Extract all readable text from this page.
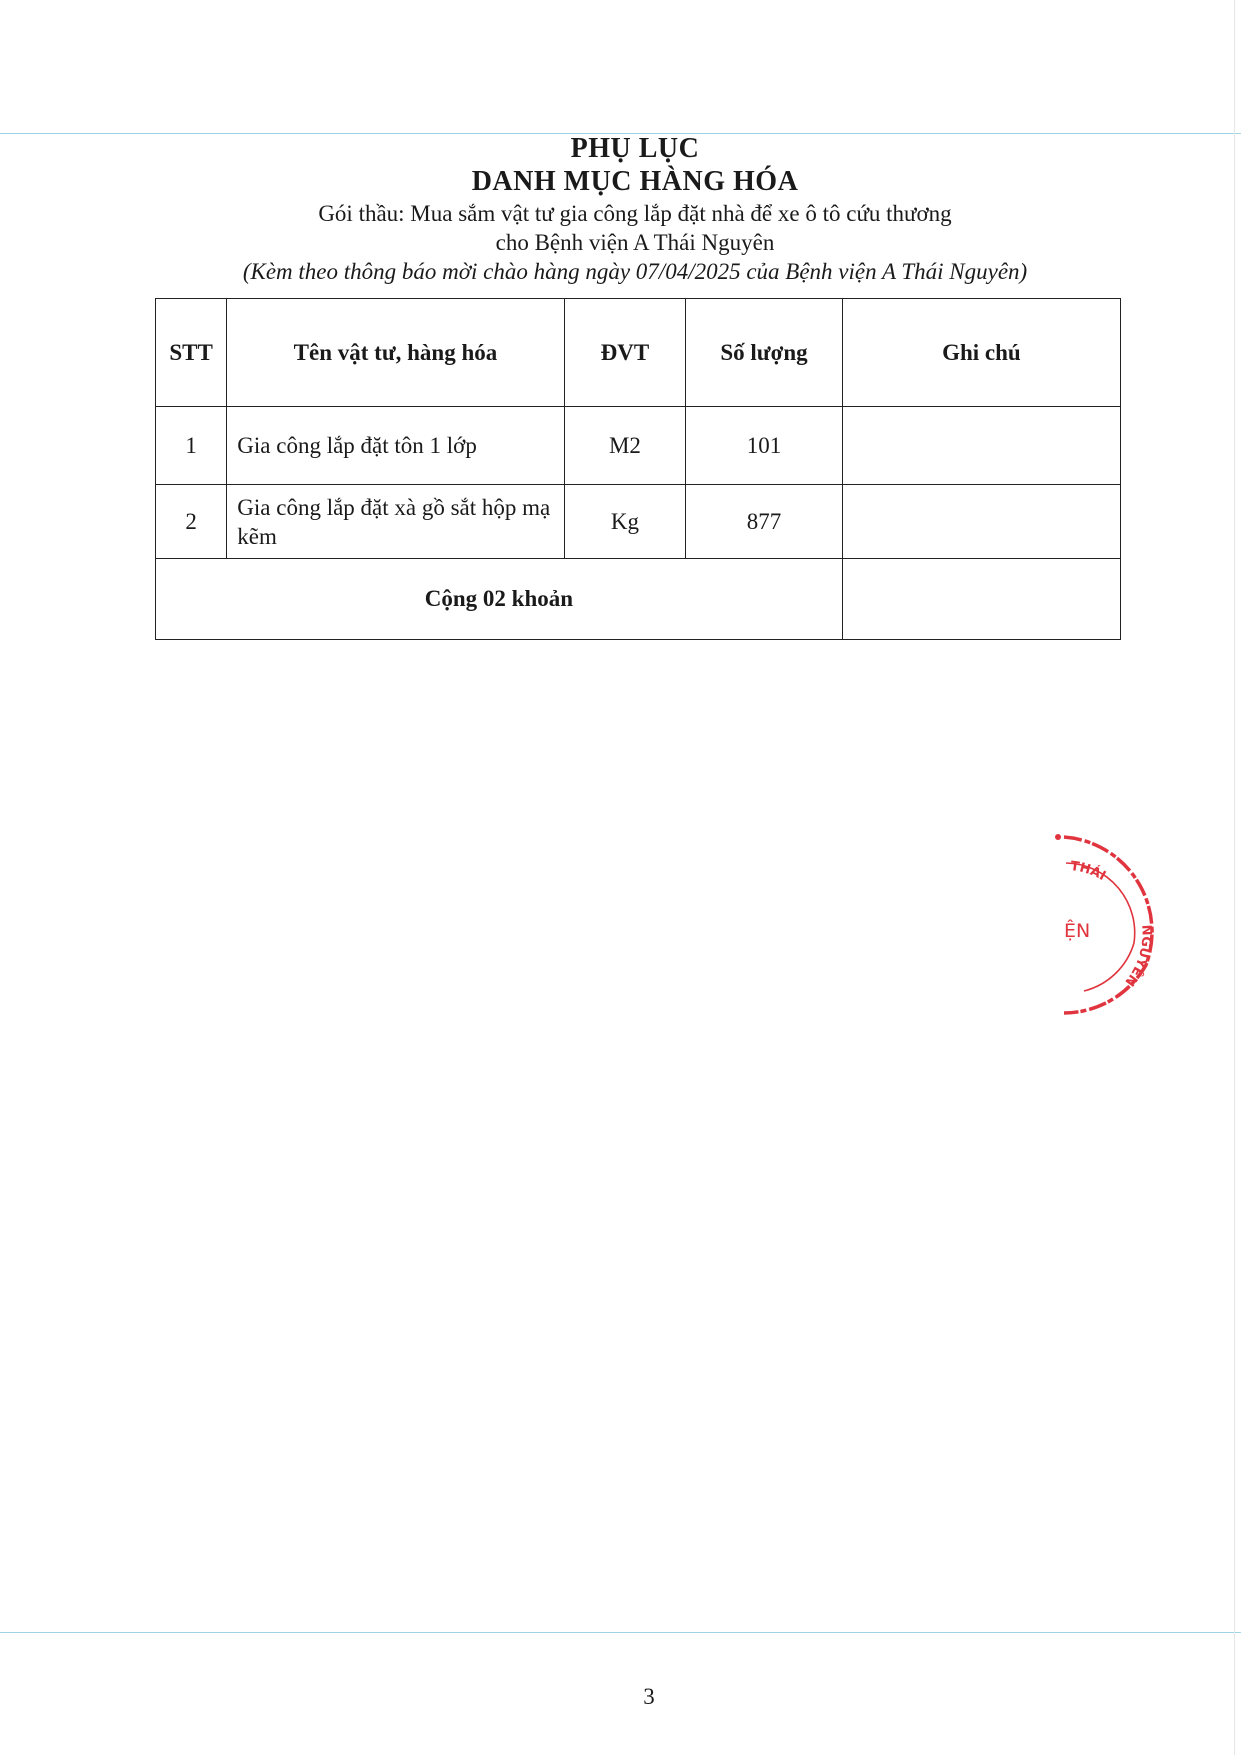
PHỤ LỤC
DANH MỤC HÀNG HÓA
Gói thầu: Mua sắm vật tư gia công lắp đặt nhà để xe ô tô cứu thương
cho Bệnh viện A Thái Nguyên
(Kèm theo thông báo mời chào hàng ngày 07/04/2025 của Bệnh viện A Thái Nguyên)
STT	Tên vật tư, hàng hóa	ĐVT	Số lượng	Ghi chú
1	Gia công lắp đặt tôn 1 lớp	M2	101	
2	Gia công lắp đặt xà gồ sắt hộp mạ kẽm	Kg	877	
Cộng 02 khoản				
THÁI
ỆN	NGUYÊN
3
